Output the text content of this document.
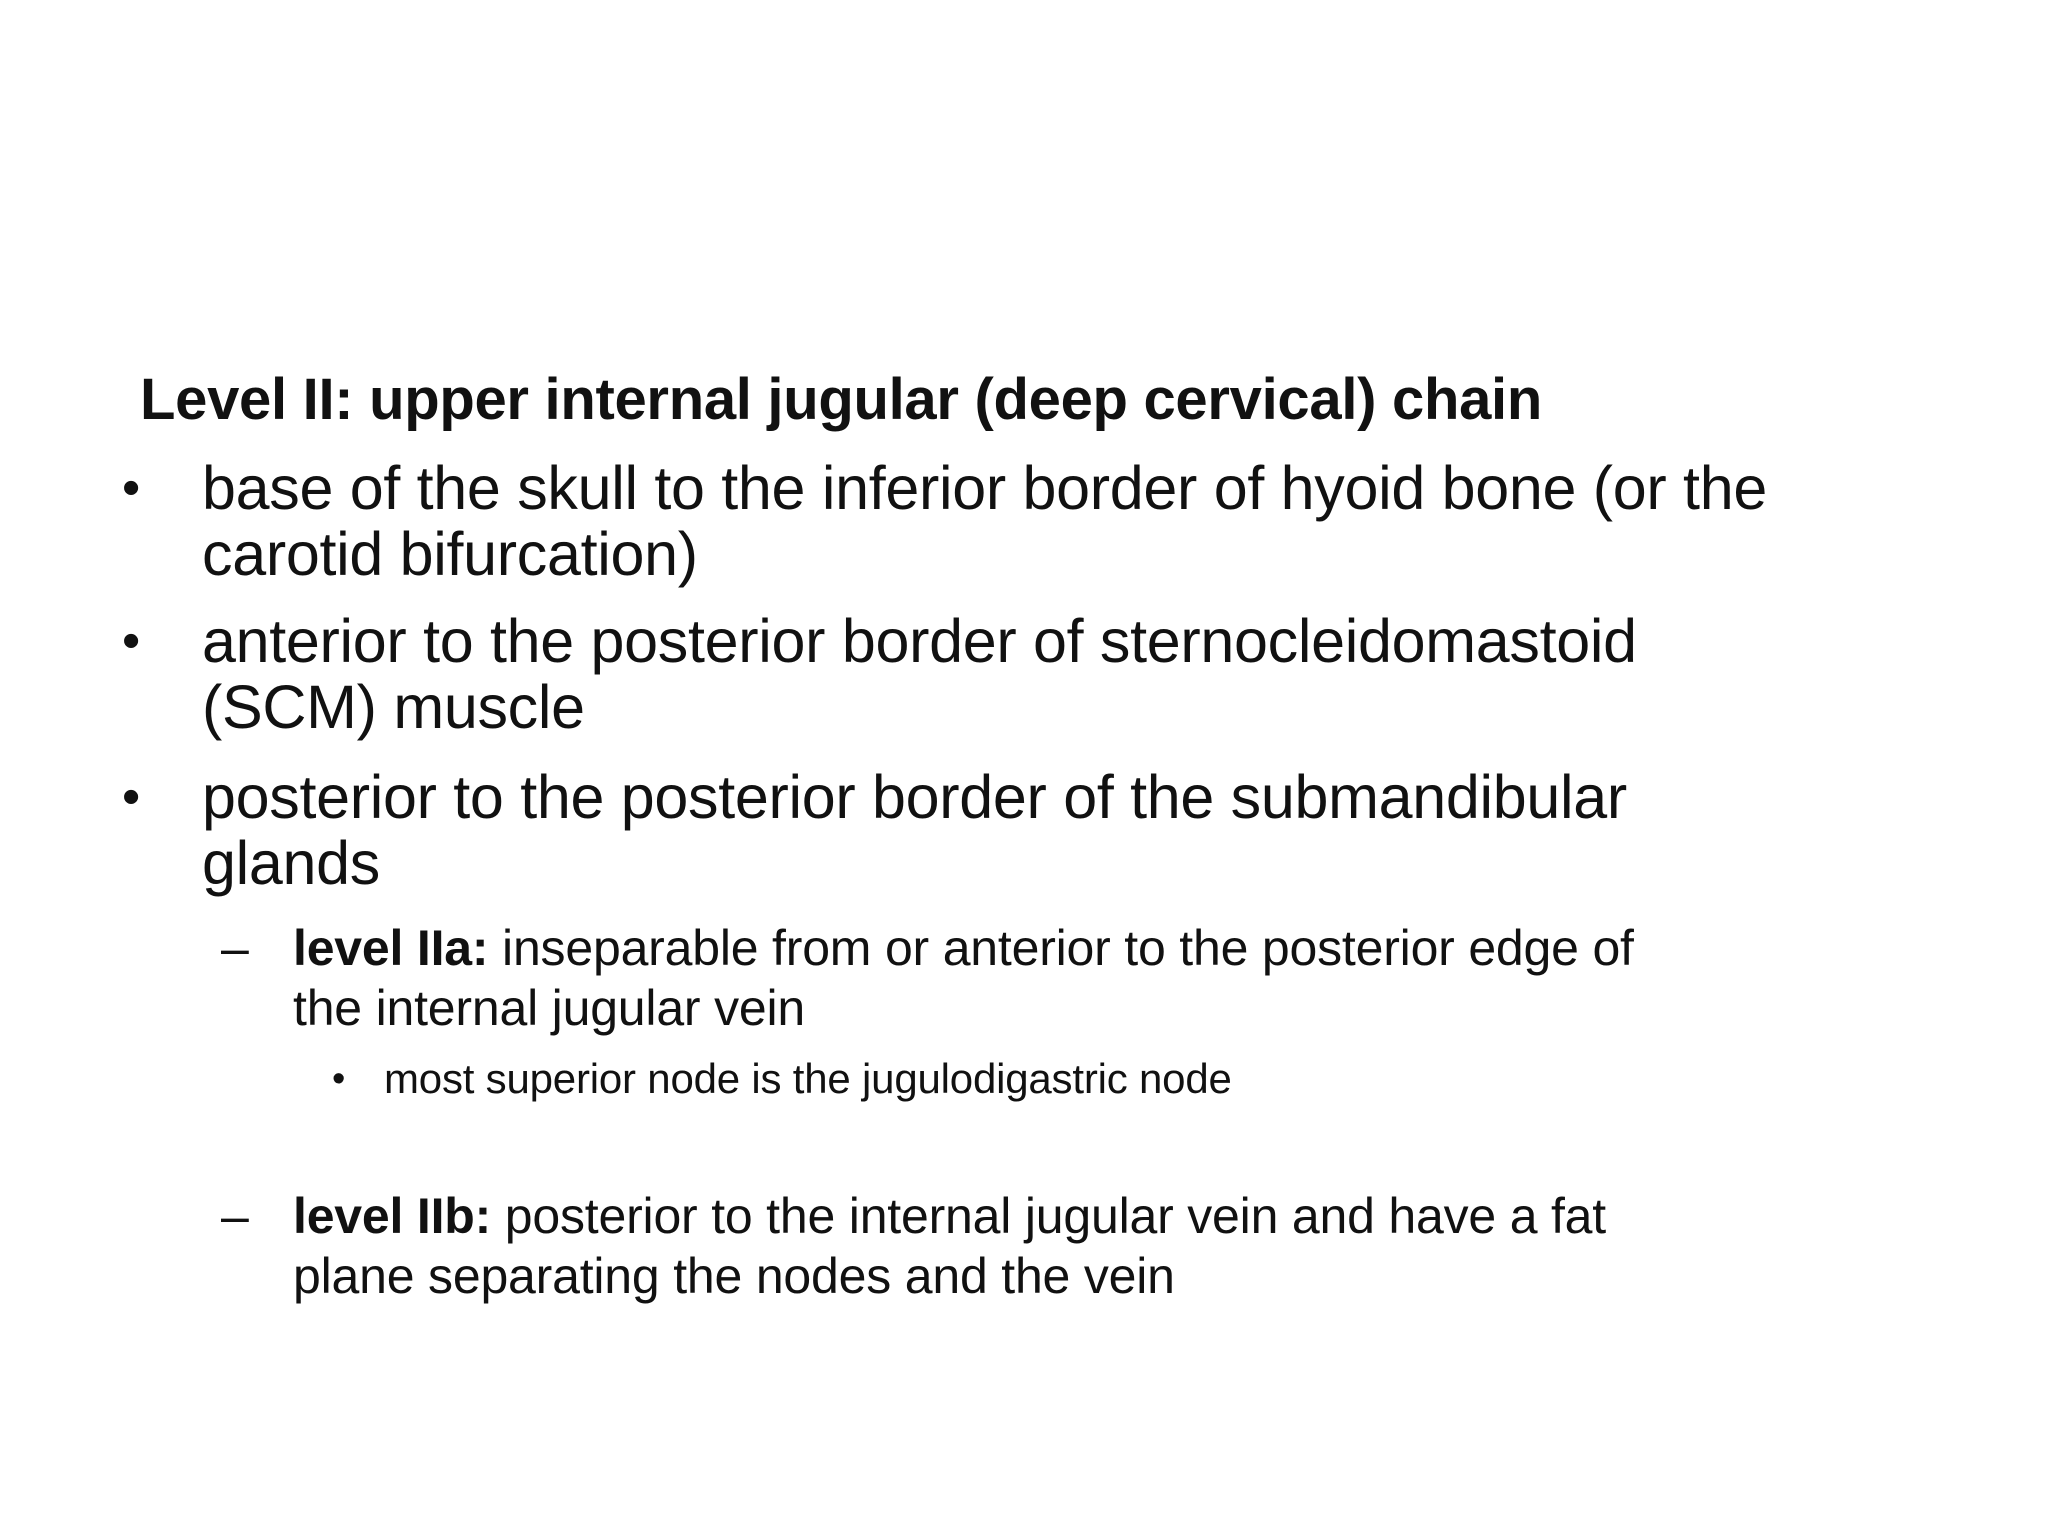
Level II: upper internal jugular (deep cervical) chain
• base of the skull to the inferior border of hyoid bone (or the
carotid bifurcation)
• anterior to the posterior border of sternocleidomastoid
(SCM) muscle
• posterior to the posterior border of the submandibular
glands
– level IIa: inseparable from or anterior to the posterior edge of
the internal jugular vein
• most superior node is the jugulodigastric node
– level IIb: posterior to the internal jugular vein and have a fat
plane separating the nodes and the vein
